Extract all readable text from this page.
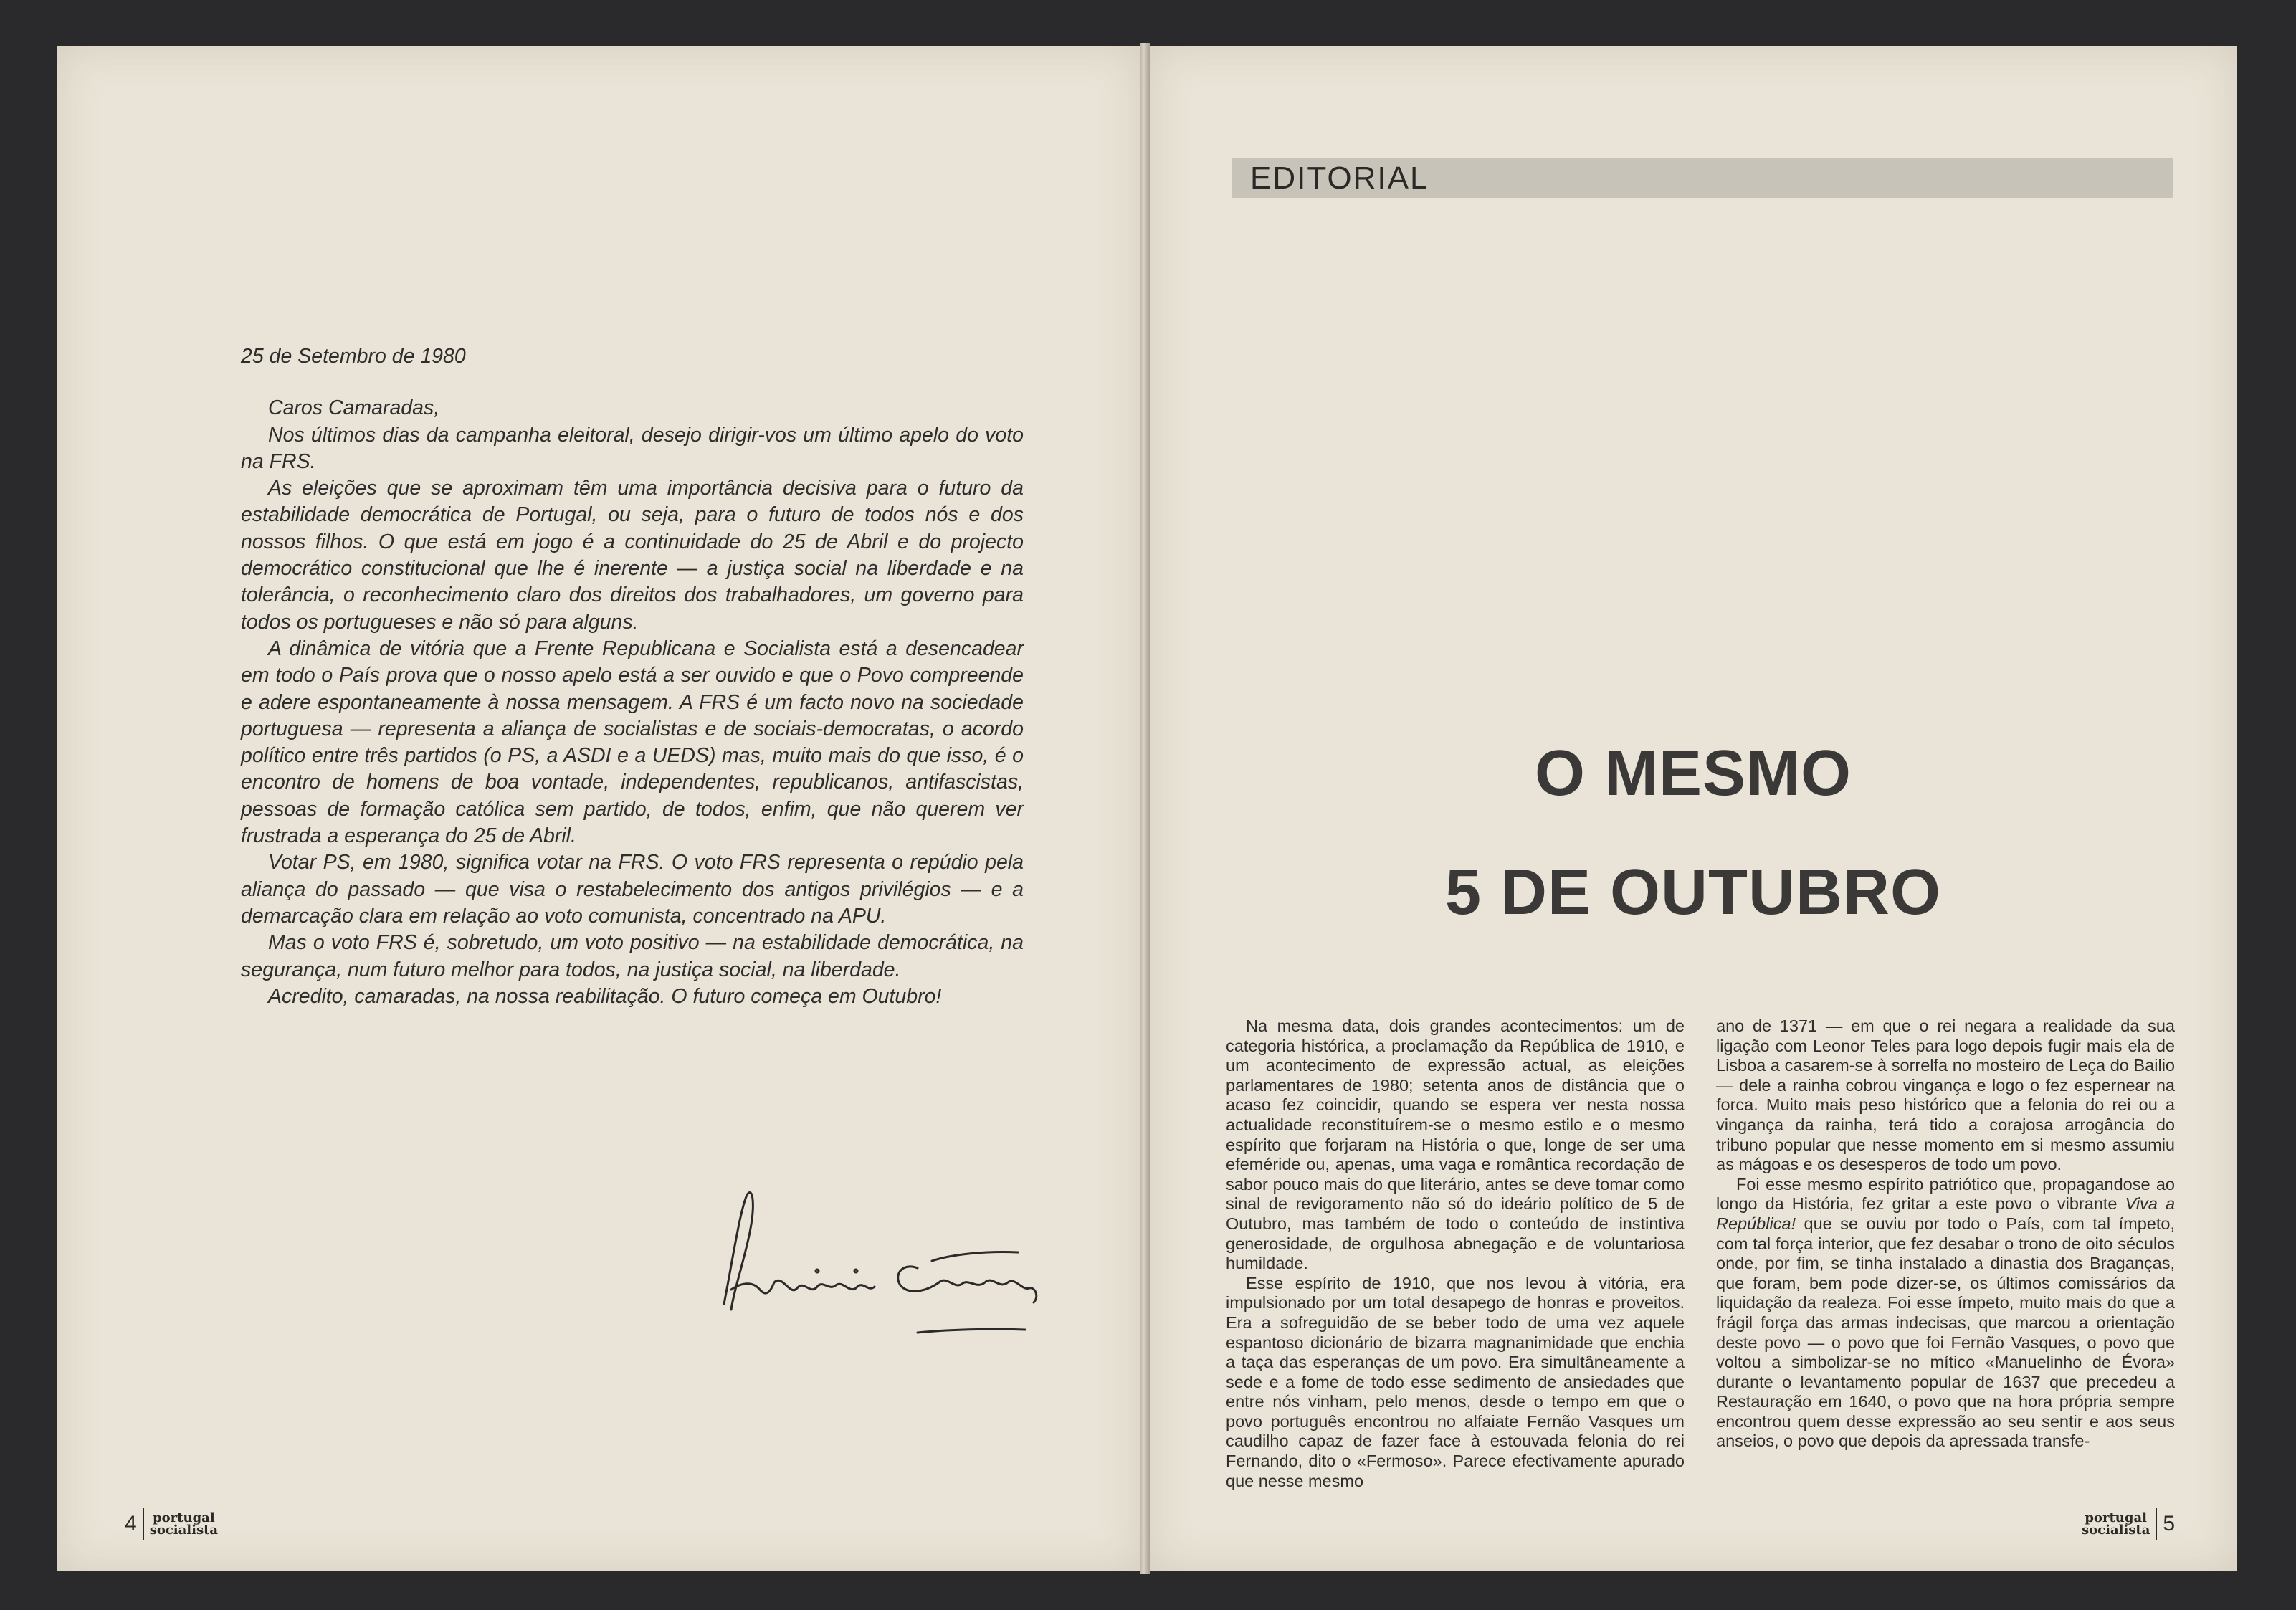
25 de Setembro de 1980

Caros Camaradas,

Nos últimos dias da campanha eleitoral, desejo dirigir-vos um último apelo do voto na FRS.

As eleições que se aproximam têm uma importância decisiva para o futuro da estabilidade democrática de Portugal, ou seja, para o futuro de todos nós e dos nossos filhos. O que está em jogo é a continuidade do 25 de Abril e do projecto democrático constitucional que lhe é inerente — a justiça social na liberdade e na tolerância, o reconhecimento claro dos direitos dos trabalhadores, um governo para todos os portugueses e não só para alguns.

A dinâmica de vitória que a Frente Republicana e Socialista está a desencadear em todo o País prova que o nosso apelo está a ser ouvido e que o Povo compreende e adere espontaneamente à nossa mensagem. A FRS é um facto novo na sociedade portuguesa — representa a aliança de socialistas e de sociais-democratas, o acordo político entre três partidos (o PS, a ASDI e a UEDS) mas, muito mais do que isso, é o encontro de homens de boa vontade, independentes, republicanos, antifascistas, pessoas de formação católica sem partido, de todos, enfim, que não querem ver frustrada a esperança do 25 de Abril.

Votar PS, em 1980, significa votar na FRS. O voto FRS representa o repúdio pela aliança do passado — que visa o restabelecimento dos antigos privilégios — e a demarcação clara em relação ao voto comunista, concentrado na APU.

Mas o voto FRS é, sobretudo, um voto positivo — na estabilidade democrática, na segurança, num futuro melhor para todos, na justiça social, na liberdade.

Acredito, camaradas, na nossa reabilitação. O futuro começa em Outubro!

4 portugal
socialista
EDITORIAL
O MESMO
5 DE OUTUBRO

Na mesma data, dois grandes acontecimentos: um de categoria histórica, a proclamação da República de 1910, e um acontecimento de expressão actual, as eleições parlamentares de 1980; setenta anos de distância que o acaso fez coincidir, quando se espera ver nesta nossa actualidade reconstituírem-se o mesmo estilo e o mesmo espírito que forjaram na História o que, longe de ser uma efeméride ou, apenas, uma vaga e romântica recordação de sabor pouco mais do que literário, antes se deve tomar como sinal de revigoramento não só do ideário político de 5 de Outubro, mas também de todo o conteúdo de instintiva generosidade, de orgulhosa abnegação e de voluntariosa humildade.

Esse espírito de 1910, que nos levou à vitória, era impulsionado por um total desapego de honras e proveitos. Era a sofreguidão de se beber todo de uma vez aquele espantoso dicionário de bizarra magnanimidade que enchia a taça das esperanças de um povo. Era simultâneamente a sede e a fome de todo esse sedimento de ansiedades que entre nós vinham, pelo menos, desde o tempo em que o povo português encontrou no alfaiate Fernão Vasques um caudilho capaz de fazer face à estouvada felonia do rei Fernando, dito o «Fermoso». Parece efectivamente apurado que nesse mesmo

ano de 1371 — em que o rei negara a realidade da sua ligação com Leonor Teles para logo depois fugir mais ela de Lisboa a casarem-se à sorrelfa no mosteiro de Leça do Bailio — dele a rainha cobrou vingança e logo o fez espernear na forca. Muito mais peso histórico que a felonia do rei ou a vingança da rainha, terá tido a corajosa arrogância do tribuno popular que nesse momento em si mesmo assumiu as mágoas e os desesperos de todo um povo.

Foi esse mesmo espírito patriótico que, propagandose ao longo da História, fez gritar a este povo o vibrante Viva a República! que se ouviu por todo o País, com tal ímpeto, com tal força interior, que fez desabar o trono de oito séculos onde, por fim, se tinha instalado a dinastia dos Braganças, que foram, bem pode dizer-se, os últimos comissários da liquidação da realeza. Foi esse ímpeto, muito mais do que a frágil força das armas indecisas, que marcou a orientação deste povo — o povo que foi Fernão Vasques, o povo que voltou a simbolizar-se no mítico «Manuelinho de Évora» durante o levantamento popular de 1637 que precedeu a Restauração em 1640, o povo que na hora própria sempre encontrou quem desse expressão ao seu sentir e aos seus anseios, o povo que depois da apressada transfe-

portugal
socialista 5
